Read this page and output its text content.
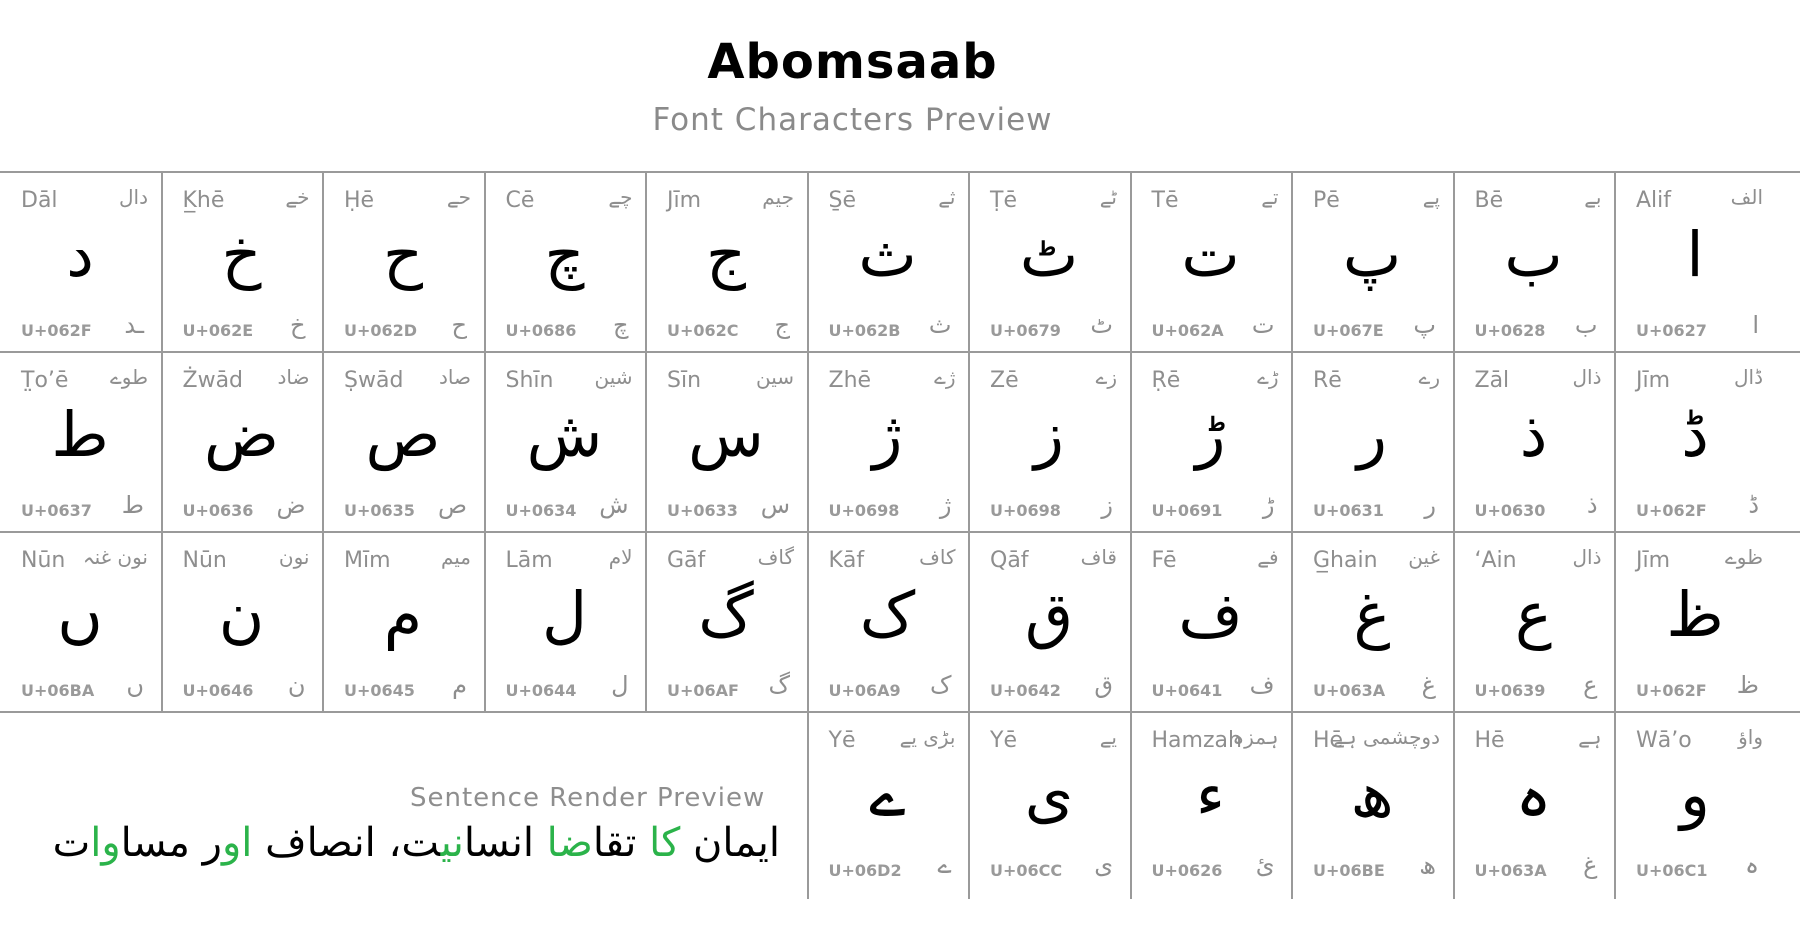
Abomsaab
Font Characters Preview
Dāl	دال
د
U+062F ـد
K̲hē	خے
خ
U+062E خ
Ḥē	حے
ح
U+062D ح
Cē	چے
چ
U+0686 چ
Jīm	جیم
ج
U+062C ج
S̱ē	ثے
ث
U+062B ث
Ṭē	ٹے
ٹ
U+0679 ٹ
Tē	تے
ت
U+062A ت
Pē	پے
پ
U+067E پ
Bē	بے
ب
U+0628 ب
Alif	الف
ا
U+0627 ا
T̤o’ē طوے
ط
U+0637 ط
Żwād ضاد
ض
U+0636 ض
Ṣwād صاد
ص
U+0635 ص
Shīn شین
ش
U+0634 ش
Sīn	سین
س
U+0633 س
Zhē	ژے
ژ
U+0698 ژ
Zē	زے
ز
U+0698 ز
Ṛē	ڑے
ڑ
U+0691 ڑ
Rē	رے
ر
U+0631 ر
Zāl	ذال
ذ
U+0630 ذ
Jīm	ڈال
ڈ
U+062F ڈ
Nūn نون غنہ
ں
U+06BA ں
Nūn	نون
ن
U+0646 ن
Mīm	میم
م
U+0645 م
Lām	لام
ل
U+0644 ل
Gāf	گاف
گ
U+06AF گ
Kāf	کاف
ک
U+06A9 ک
Qāf	قاف
ق
U+0642 ق
Fē	فے
ف
U+0641 ف
G̲hain غین
غ
U+063A غ
‘Ain	ذال
ع
U+0639 ع
Jīm	ظوے
ظ
U+062F ظ
Yē بڑی یے
ے
U+06D2 ے
Yē	یے
ی
U+06CC ی
Hamzah
ہمزہ
ء
U+0626 ئ
Hē
دوچشمی ہے
ھ
U+06BE ھ
Hē	ہے
ہ
U+063A غ
Wā’o واؤ
و
U+06C1 ہ
Sentence Render Preview
ایمان کا تقاضا انسانیت، انصاف اور مساوات
